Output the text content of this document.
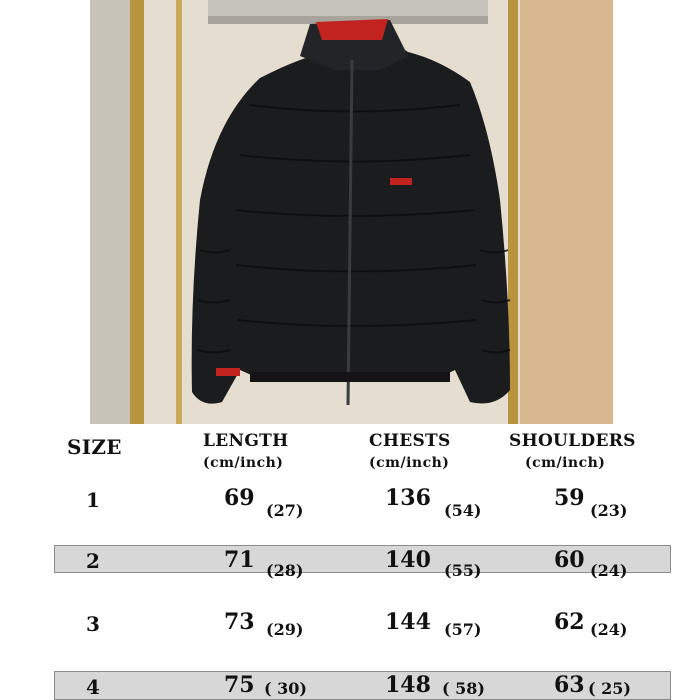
SIZE	LENGTH	CHESTS	SHOULDERS
(cm/inch)	(cm/inch)	(cm/inch)
1	69 (27)	136 (54)	59 (23)
2	71 (28)	140 (55)	60 (24)
3	73 (29)	144 (57)	62 (24)
4	75 ( 30)	148 ( 58)	63 ( 25)
